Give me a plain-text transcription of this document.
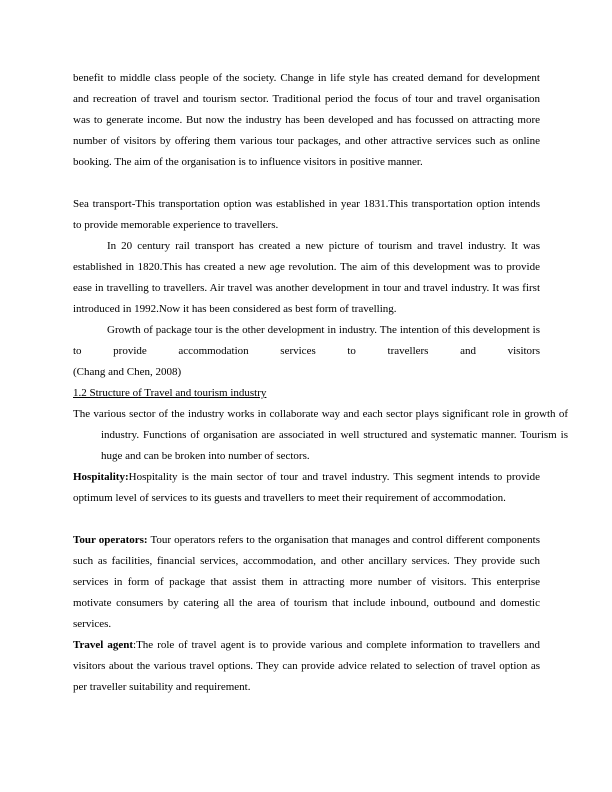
benefit to middle class people of the society. Change in life style has created demand for development and recreation of travel and tourism sector. Traditional period the focus of tour and travel organisation was to generate income. But now the industry has been developed and has focussed on attracting more number of visitors by offering them various tour packages, and other attractive services such as online booking. The aim of the organisation is to influence visitors in positive manner.
Sea transport-This transportation option was established in year 1831.This transportation option intends to provide memorable experience to travellers.
In 20 century rail transport has created a new picture of tourism and travel industry. It was established in 1820.This has created a new age revolution. The aim of this development was to provide ease in travelling to travellers. Air travel was another development in tour and travel industry. It was first introduced in 1992.Now it has been considered as best form of travelling.
Growth of package tour is the other development in industry. The intention of this development is to provide accommodation services to travellers and visitors
(Chang and Chen, 2008)
1.2 Structure of Travel and tourism industry
The various sector of the industry works in collaborate way and each sector plays significant role in growth of industry. Functions of organisation are associated in well structured and systematic manner. Tourism is huge and can be broken into number of sectors.
Hospitality:Hospitality is the main sector of tour and travel industry. This segment intends to provide optimum level of services to its guests and travellers to meet their requirement of accommodation.
Tour operators: Tour operators refers to the organisation that manages and control different components such as facilities, financial services, accommodation, and other ancillary services. They provide such services in form of package that assist them in attracting more number of visitors. This enterprise motivate consumers by catering all the area of tourism that include inbound, outbound and domestic services.
Travel agent:The role of travel agent is to provide various and complete information to travellers and visitors about the various travel options. They can provide advice related to selection of travel option as per traveller suitability and requirement.
